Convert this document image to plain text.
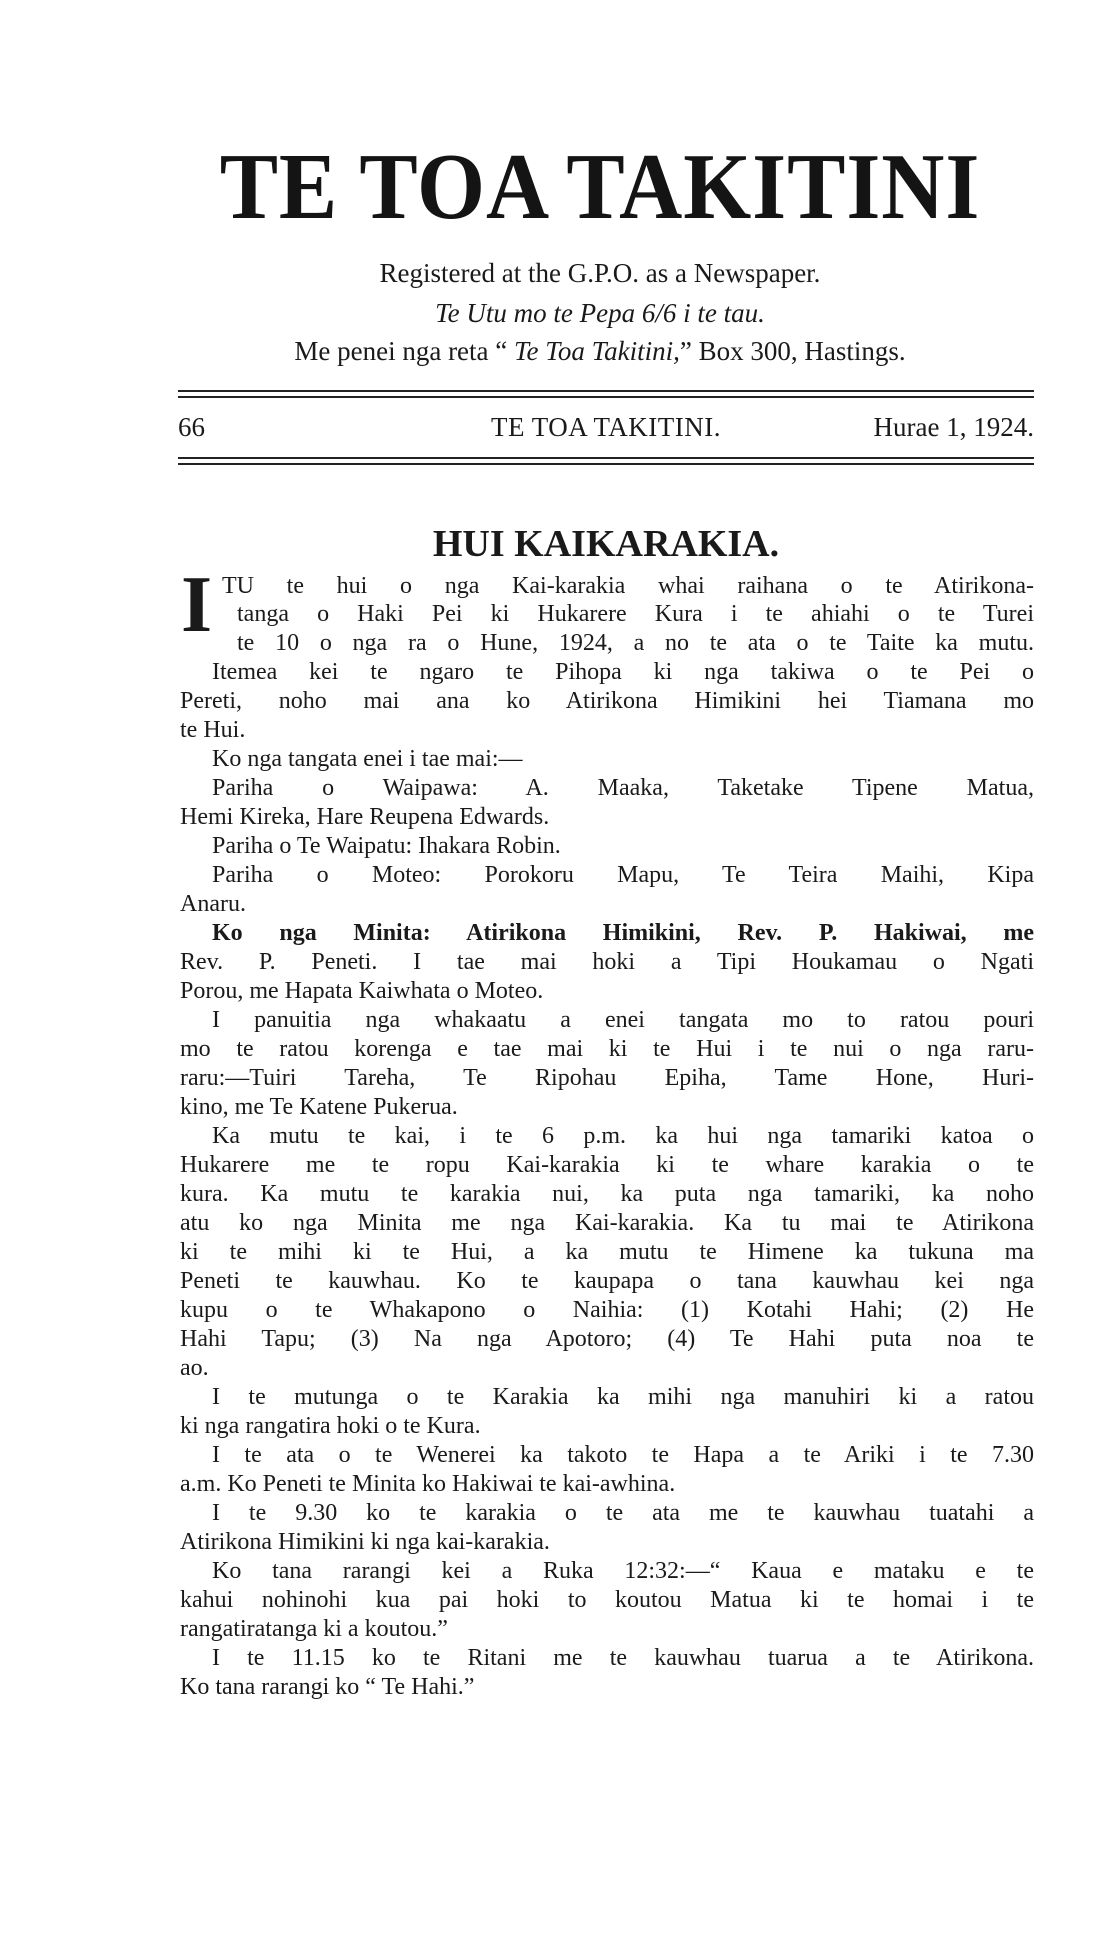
TE TOA TAKITINI
Registered at the G.P.O. as a Newspaper.
Te Utu mo te Pepa 6/6 i te tau.
Me penei nga reta “ Te Toa Takitini,” Box 300, Hastings.
66	TE TOA TAKITINI.	Hurae 1, 1924.
HUI KAIKARAKIA.
I TU te hui o nga Kai-karakia whai raihana o te Atirikona-
tanga o Haki Pei ki Hukarere Kura i te ahiahi o te Turei
te 10 o nga ra o Hune, 1924, a no te ata o te Taite ka mutu.
Itemea kei te ngaro te Pihopa ki nga takiwa o te Pei o
Pereti, noho mai ana ko Atirikona Himikini hei Tiamana mo
te Hui.
Ko nga tangata enei i tae mai:—
Pariha o Waipawa: A. Maaka, Taketake Tipene Matua,
Hemi Kireka, Hare Reupena Edwards.
Pariha o Te Waipatu: Ihakara Robin.
Pariha o Moteo: Porokoru Mapu, Te Teira Maihi, Kipa
Anaru.
Ko nga Minita: Atirikona Himikini, Rev. P. Hakiwai, me
Rev. P. Peneti. I tae mai hoki a Tipi Houkamau o Ngati
Porou, me Hapata Kaiwhata o Moteo.
I panuitia nga whakaatu a enei tangata mo to ratou pouri
mo te ratou korenga e tae mai ki te Hui i te nui o nga raru-
raru:—Tuiri Tareha, Te Ripohau Epiha, Tame Hone, Huri-
kino, me Te Katene Pukerua.
Ka mutu te kai, i te 6 p.m. ka hui nga tamariki katoa o
Hukarere me te ropu Kai-karakia ki te whare karakia o te
kura. Ka mutu te karakia nui, ka puta nga tamariki, ka noho
atu ko nga Minita me nga Kai-karakia. Ka tu mai te Atirikona
ki te mihi ki te Hui, a ka mutu te Himene ka tukuna ma
Peneti te kauwhau. Ko te kaupapa o tana kauwhau kei nga
kupu o te Whakapono o Naihia: (1) Kotahi Hahi; (2) He
Hahi Tapu; (3) Na nga Apotoro; (4) Te Hahi puta noa te
ao.
I te mutunga o te Karakia ka mihi nga manuhiri ki a ratou
ki nga rangatira hoki o te Kura.
I te ata o te Wenerei ka takoto te Hapa a te Ariki i te 7.30
a.m. Ko Peneti te Minita ko Hakiwai te kai-awhina.
I te 9.30 ko te karakia o te ata me te kauwhau tuatahi a
Atirikona Himikini ki nga kai-karakia.
Ko tana rarangi kei a Ruka 12:32:—“ Kaua e mataku e te
kahui nohinohi kua pai hoki to koutou Matua ki te homai i te
rangatiratanga ki a koutou.”
I te 11.15 ko te Ritani me te kauwhau tuarua a te Atirikona.
Ko tana rarangi ko “ Te Hahi.”
